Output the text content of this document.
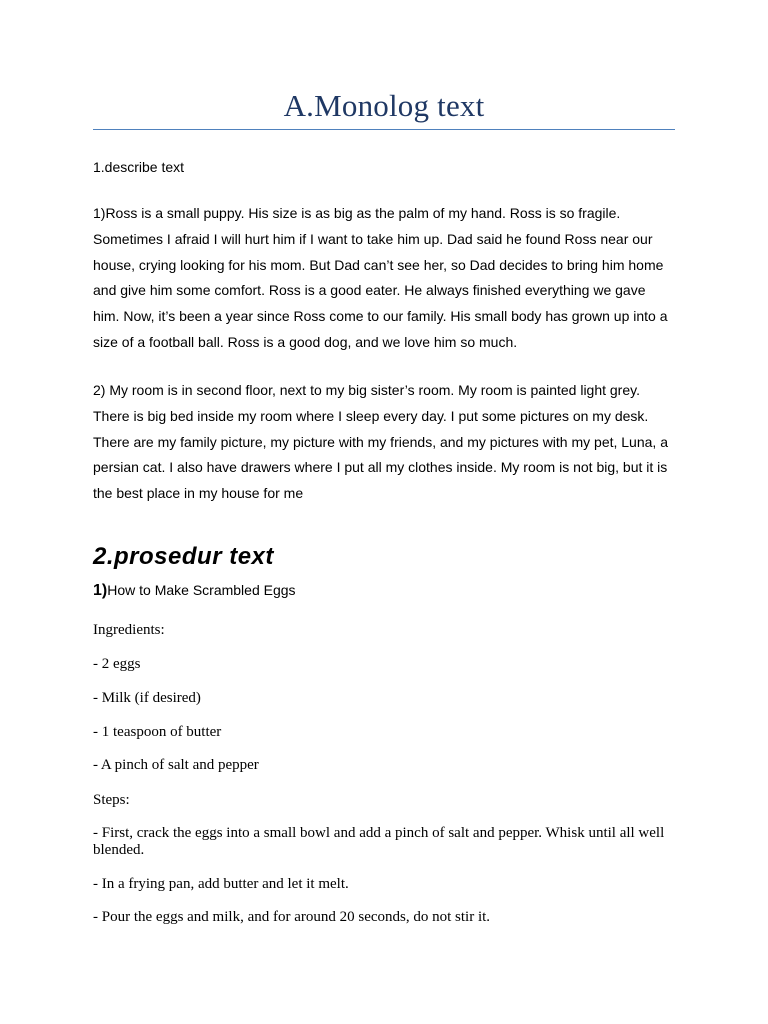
A.Monolog text
1.describe text

1)Ross is a small puppy. His size is as big as the palm of my hand. Ross is so fragile. Sometimes I afraid I will hurt him if I want to take him up. Dad said he found Ross near our house, crying looking for his mom. But Dad can’t see her, so Dad decides to bring him home and give him some comfort. Ross is a good eater. He always finished everything we gave him. Now, it’s been a year since Ross come to our family. His small body has grown up into a size of a football ball. Ross is a good dog, and we love him so much.

2) My room is in second floor, next to my big sister’s room. My room is painted light grey. There is big bed inside my room where I sleep every day. I put some pictures on my desk. There are my family picture, my picture with my friends, and my pictures with my pet, Luna, a persian cat. I also have drawers where I put all my clothes inside. My room is not big, but it is the best place in my house for me

2.prosedur text
1)How to Make Scrambled Eggs
Ingredients:
- 2 eggs
- Milk (if desired)
- 1 teaspoon of butter
- A pinch of salt and pepper
Steps:
- First, crack the eggs into a small bowl and add a pinch of salt and pepper. Whisk until all well blended.
- In a frying pan, add butter and let it melt.
- Pour the eggs and milk, and for around 20 seconds, do not stir it.
